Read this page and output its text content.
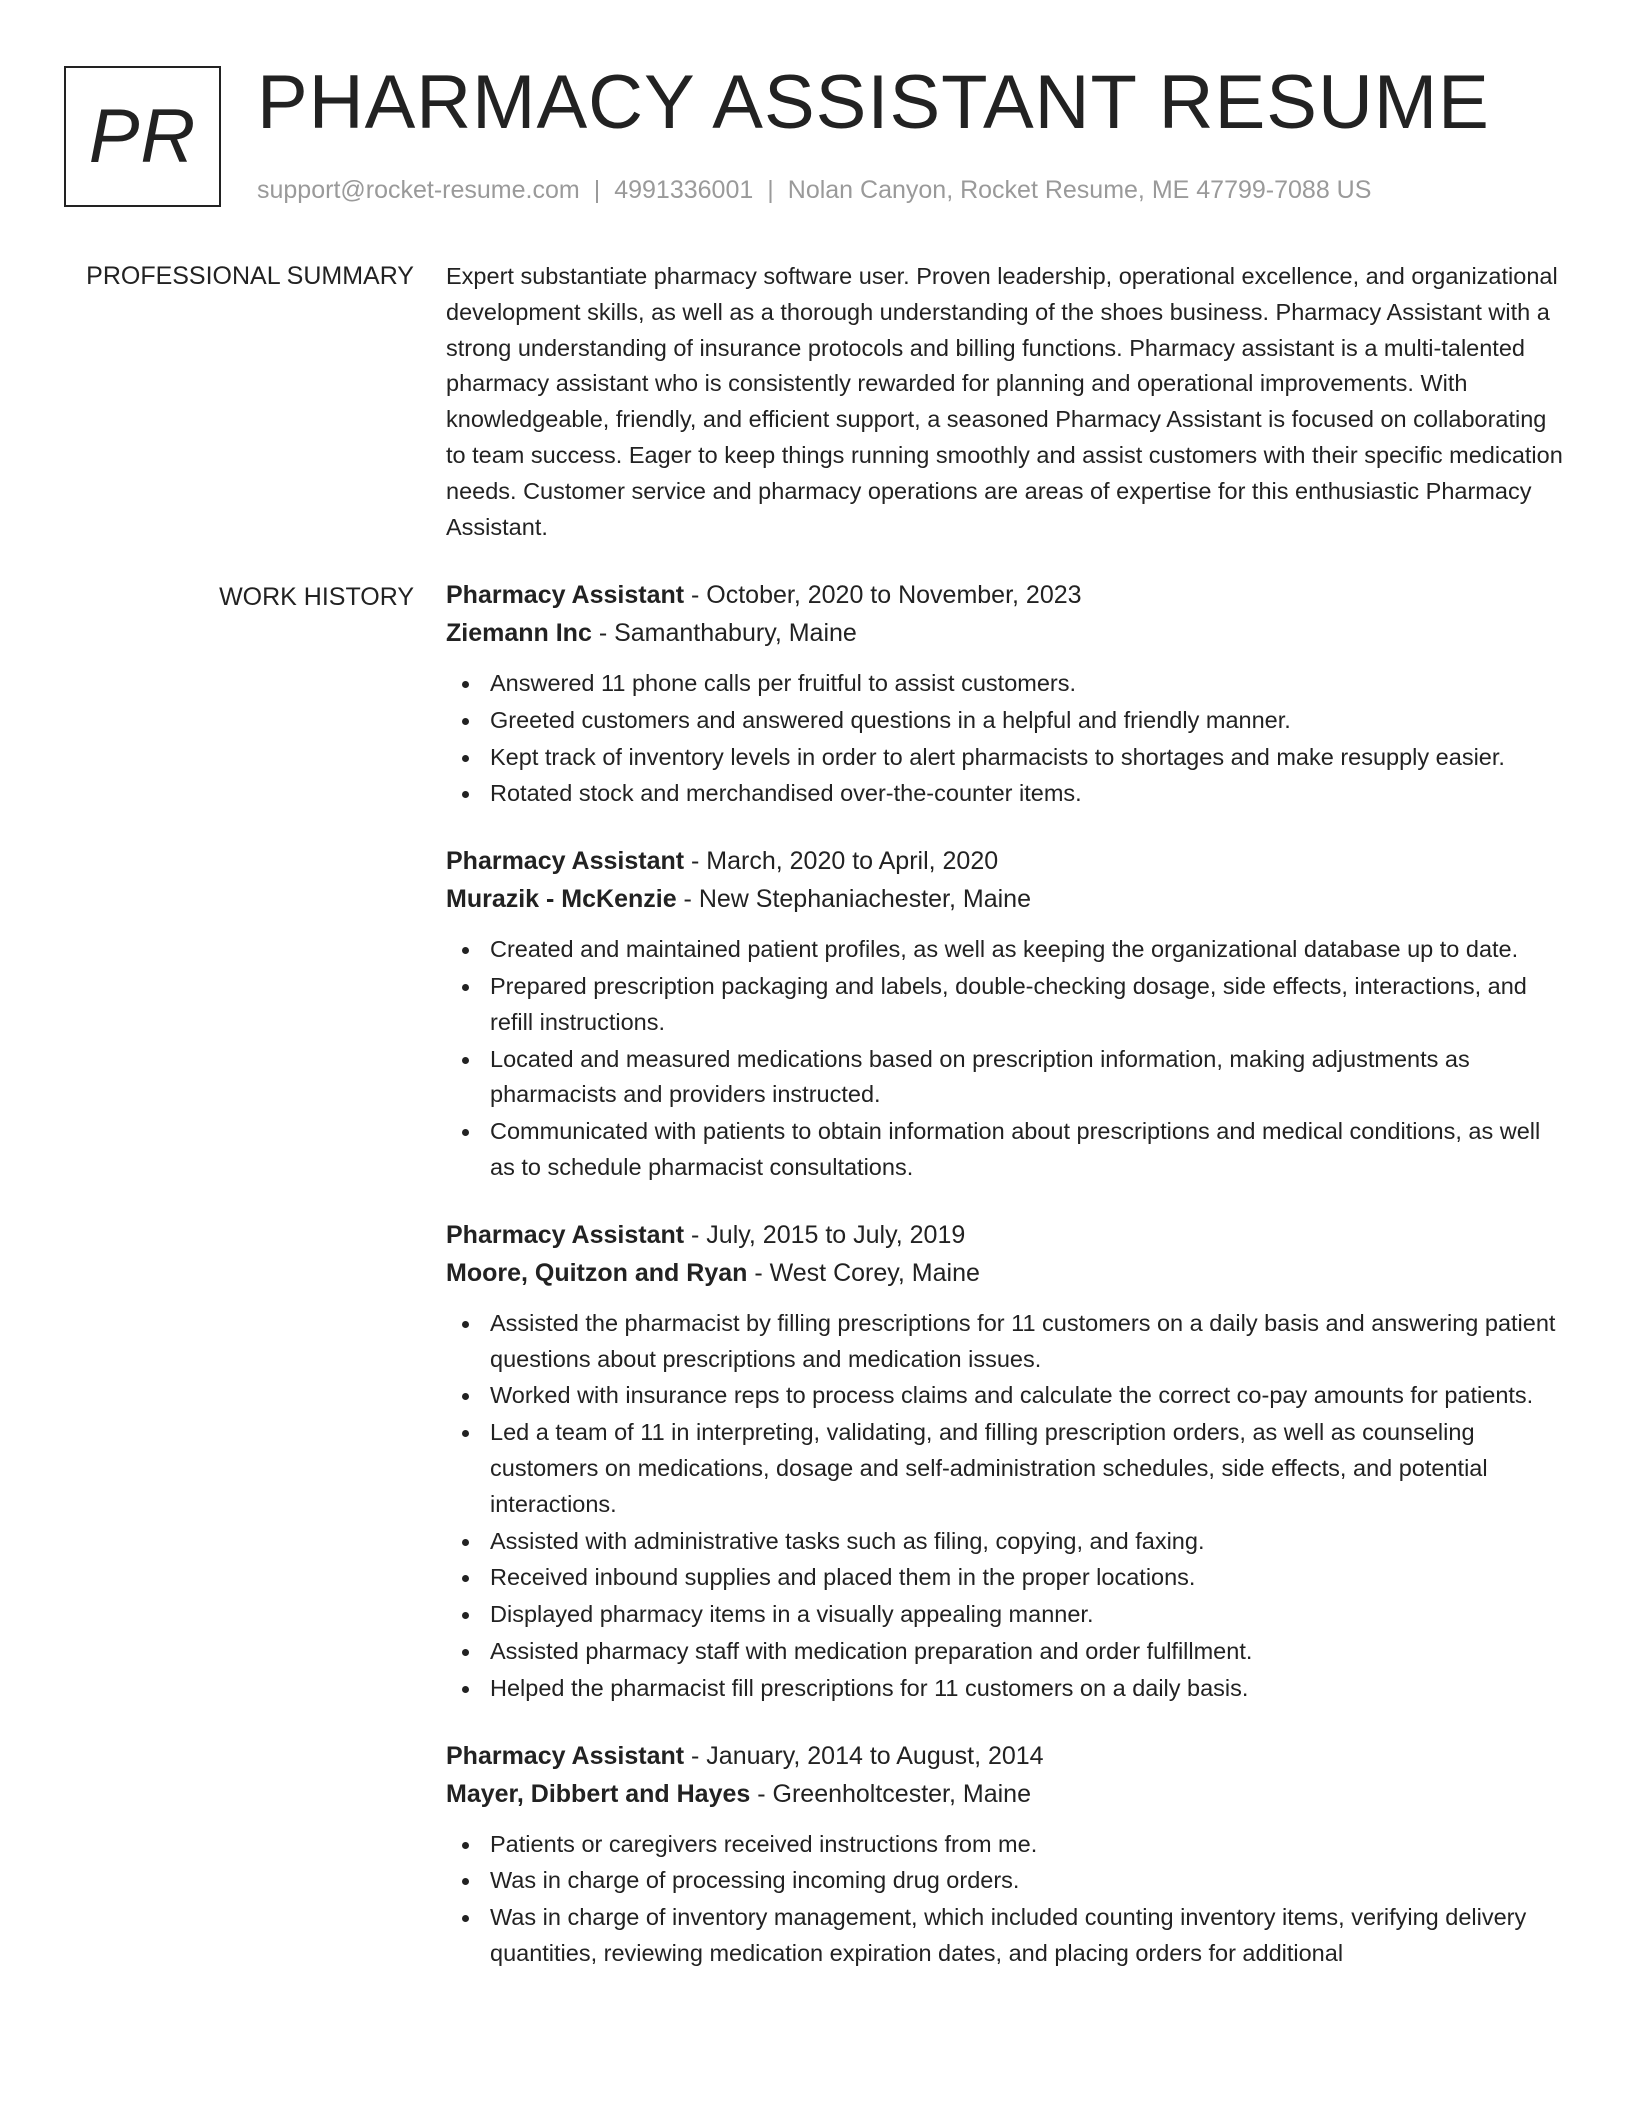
PR PHARMACY ASSISTANT RESUME
support@rocket-resume.com | 4991336001 | Nolan Canyon, Rocket Resume, ME 47799-7088 US
PROFESSIONAL SUMMARY Expert substantiate pharmacy software user. Proven leadership, operational excellence, and organizational development skills, as well as a thorough understanding of the shoes business. Pharmacy Assistant with a strong understanding of insurance protocols and billing functions. Pharmacy assistant is a multi-talented pharmacy assistant who is consistently rewarded for planning and operational improvements. With knowledgeable, friendly, and efficient support, a seasoned Pharmacy Assistant is focused on collaborating to team success. Eager to keep things running smoothly and assist customers with their specific medication needs. Customer service and pharmacy operations are areas of expertise for this enthusiastic Pharmacy Assistant.

WORK HISTORY Pharmacy Assistant - October, 2020 to November, 2023
Ziemann Inc - Samanthabury, Maine
Answered 11 phone calls per fruitful to assist customers.
Greeted customers and answered questions in a helpful and friendly manner.
Kept track of inventory levels in order to alert pharmacists to shortages and make resupply easier.
Rotated stock and merchandised over-the-counter items.
Pharmacy Assistant - March, 2020 to April, 2020
Murazik - McKenzie - New Stephaniachester, Maine
Created and maintained patient profiles, as well as keeping the organizational database up to date.
Prepared prescription packaging and labels, double-checking dosage, side effects, interactions, and refill instructions.
Located and measured medications based on prescription information, making adjustments as pharmacists and providers instructed.
Communicated with patients to obtain information about prescriptions and medical conditions, as well as to schedule pharmacist consultations.
Pharmacy Assistant - July, 2015 to July, 2019
Moore, Quitzon and Ryan - West Corey, Maine
Assisted the pharmacist by filling prescriptions for 11 customers on a daily basis and answering patient questions about prescriptions and medication issues.
Worked with insurance reps to process claims and calculate the correct co-pay amounts for patients.
Led a team of 11 in interpreting, validating, and filling prescription orders, as well as counseling customers on medications, dosage and self-administration schedules, side effects, and potential interactions.
Assisted with administrative tasks such as filing, copying, and faxing.
Received inbound supplies and placed them in the proper locations.
Displayed pharmacy items in a visually appealing manner.
Assisted pharmacy staff with medication preparation and order fulfillment.
Helped the pharmacist fill prescriptions for 11 customers on a daily basis.
Pharmacy Assistant - January, 2014 to August, 2014
Mayer, Dibbert and Hayes - Greenholtcester, Maine
Patients or caregivers received instructions from me.
Was in charge of processing incoming drug orders.
Was in charge of inventory management, which included counting inventory items, verifying delivery quantities, reviewing medication expiration dates, and placing orders for additional
